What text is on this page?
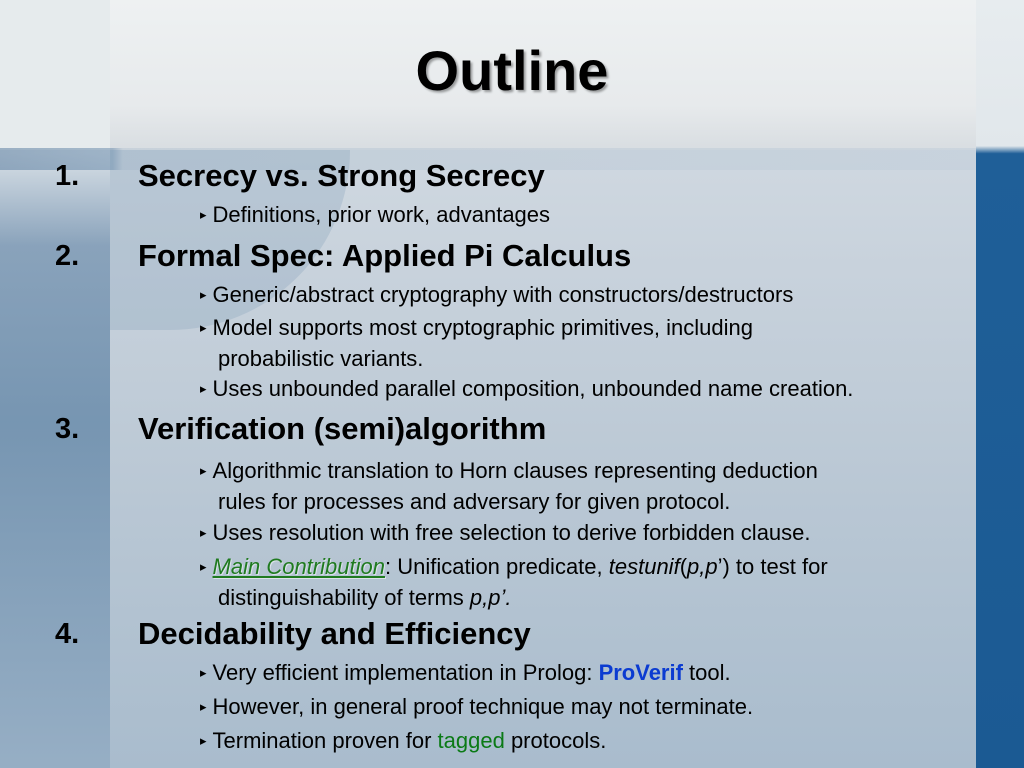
Outline
1. Secrecy vs. Strong Secrecy
▸ Definitions, prior work, advantages
2. Formal Spec: Applied Pi Calculus
▸ Generic/abstract cryptography with constructors/destructors
▸ Model supports most cryptographic primitives, including
probabilistic variants.
▸ Uses unbounded parallel composition, unbounded name creation.
3. Verification (semi)algorithm
▸ Algorithmic translation to Horn clauses representing deduction
rules for processes and adversary for given protocol.
▸ Uses resolution with free selection to derive forbidden clause.
▸ Main Contribution: Unification predicate, testunif(p,p’) to test for
distinguishability of terms p,p’.
4. Decidability and Efficiency
▸ Very efficient implementation in Prolog: ProVerif tool.
▸ However, in general proof technique may not terminate.
▸ Termination proven for tagged protocols.
